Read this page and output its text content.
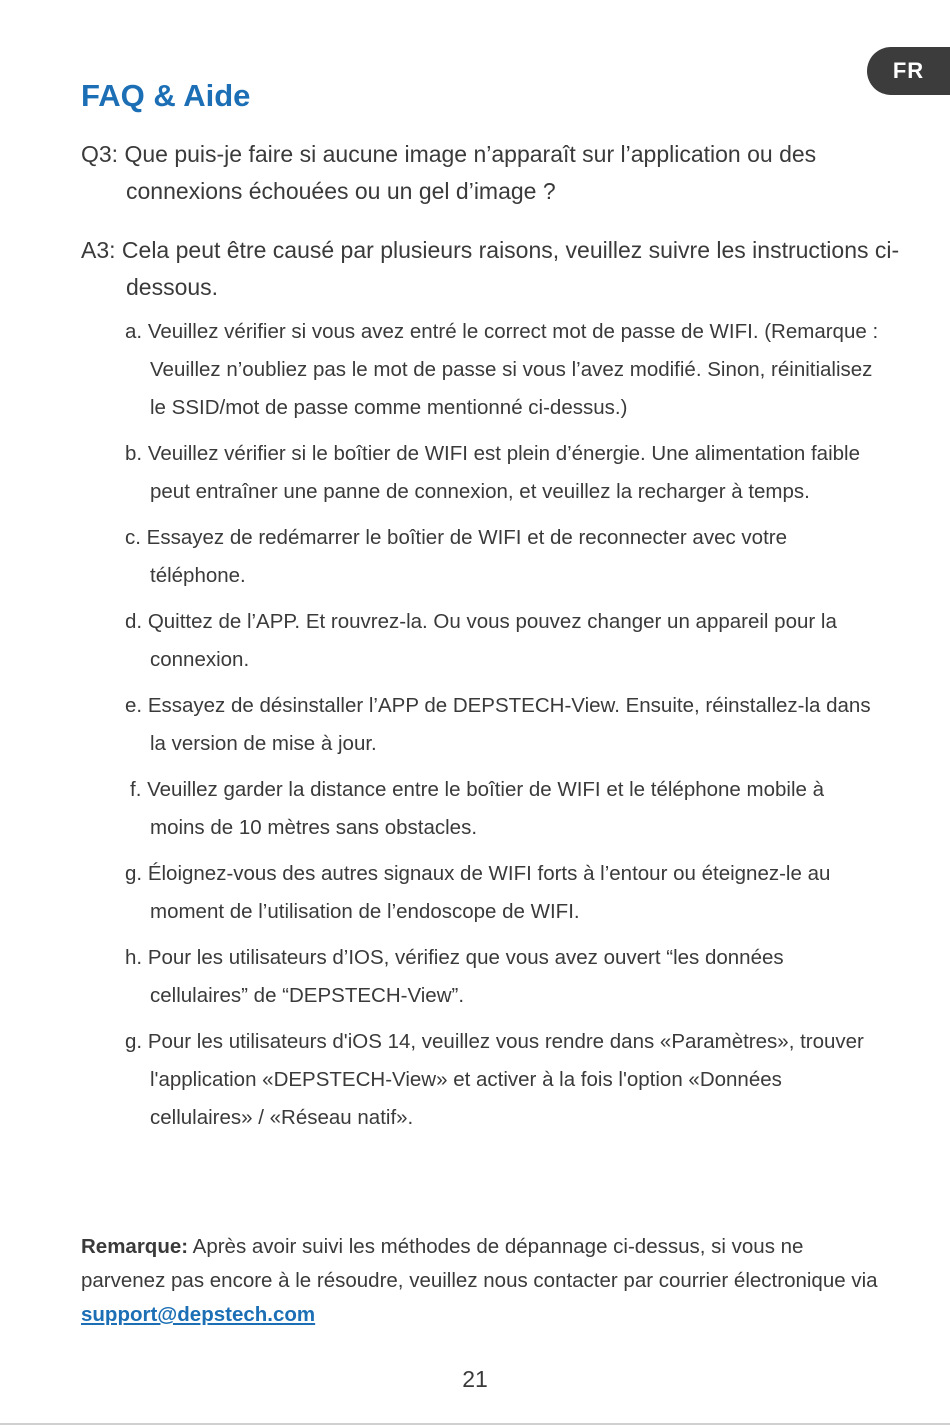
FR
FAQ & Aide
Q3: Que puis-je faire si aucune image n’apparaît sur l’application ou des connexions échouées ou un gel d’image ?
A3: Cela peut être causé par plusieurs raisons, veuillez suivre les instructions ci-dessous.
a. Veuillez vérifier si vous avez entré le correct mot de passe de WIFI. (Remarque : Veuillez n’oubliez pas le mot de passe si vous l’avez modifié. Sinon, réinitialisez le SSID/mot de passe comme mentionné ci-dessus.)
b. Veuillez vérifier si le boîtier de WIFI est plein d’énergie. Une alimentation faible peut entraîner une panne de connexion, et veuillez la recharger à temps.
c. Essayez de redémarrer le boîtier de WIFI et de reconnecter avec votre téléphone.
d. Quittez de l’APP. Et rouvrez-la. Ou vous pouvez changer un appareil pour la connexion.
e. Essayez de désinstaller l’APP de DEPSTECH-View. Ensuite, réinstallez-la dans la version de mise à jour.
f. Veuillez garder la distance entre le boîtier de WIFI et le téléphone mobile à moins de 10 mètres sans obstacles.
g. Éloignez-vous des autres signaux de WIFI forts à l’entour ou éteignez-le au moment de l’utilisation de l’endoscope de WIFI.
h. Pour les utilisateurs d’IOS, vérifiez que vous avez ouvert “les données cellulaires” de “DEPSTECH-View”.
g. Pour les utilisateurs d'iOS 14, veuillez vous rendre dans «Paramètres», trouver l'application «DEPSTECH-View» et activer à la fois l'option «Données cellulaires» / «Réseau natif».
Remarque: Après avoir suivi les méthodes de dépannage ci-dessus, si vous ne parvenez pas encore à le résoudre, veuillez nous contacter par courrier électronique via support@depstech.com
21
